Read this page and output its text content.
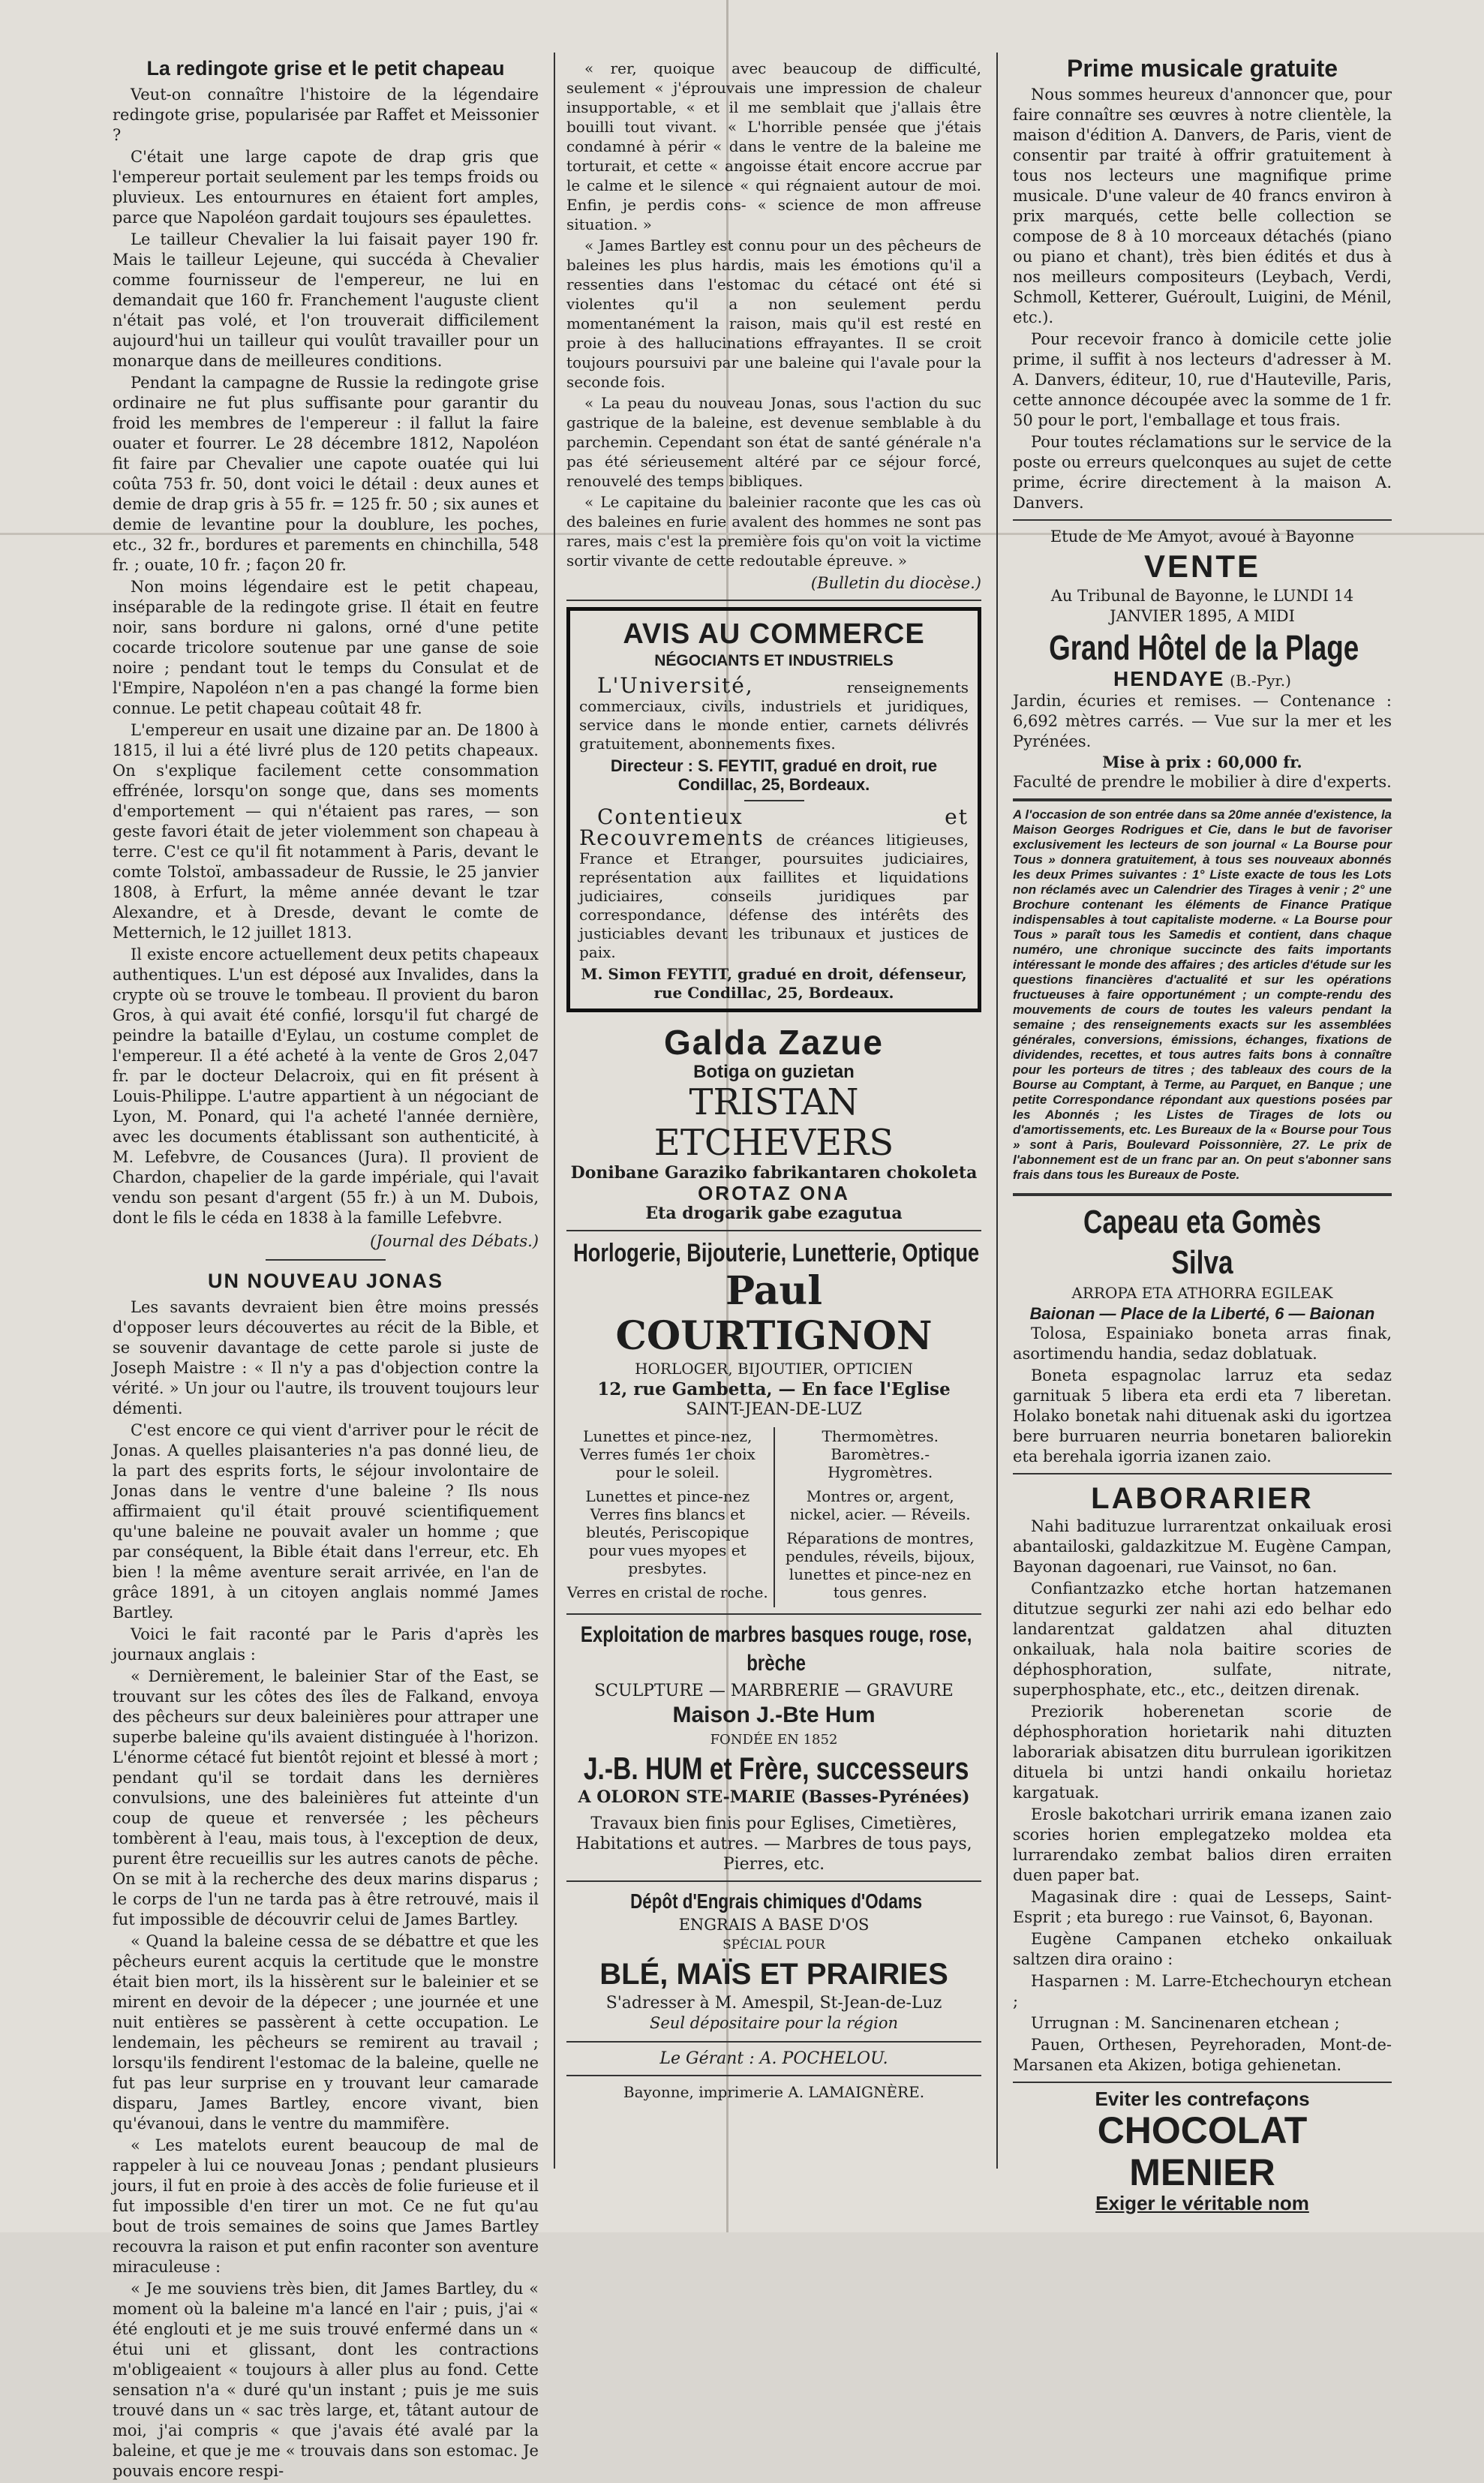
La redingote grise et le petit chapeau

Veut-on connaître l'histoire de la légendaire redingote grise, popularisée par Raffet et Meissonier ?

C'était une large capote de drap gris que l'empereur portait seulement par les temps froids ou pluvieux. Les entournures en étaient fort amples, parce que Napoléon gardait toujours ses épaulettes.

Le tailleur Chevalier la lui faisait payer 190 fr. Mais le tailleur Lejeune, qui succéda à Chevalier comme fournisseur de l'empereur, ne lui en demandait que 160 fr. Franchement l'auguste client n'était pas volé, et l'on trouverait difficilement aujourd'hui un tailleur qui voulût travailler pour un monarque dans de meilleures conditions.

Pendant la campagne de Russie la redingote grise ordinaire ne fut plus suffisante pour garantir du froid les membres de l'empereur : il fallut la faire ouater et fourrer. Le 28 décembre 1812, Napoléon fit faire par Chevalier une capote ouatée qui lui coûta 753 fr. 50, dont voici le détail : deux aunes et demie de drap gris à 55 fr. = 125 fr. 50 ; six aunes et demie de levantine pour la doublure, les poches, etc., 32 fr., bordures et parements en chinchilla, 548 fr. ; ouate, 10 fr. ; façon 20 fr.

Non moins légendaire est le petit chapeau, inséparable de la redingote grise. Il était en feutre noir, sans bordure ni galons, orné d'une petite cocarde tricolore soutenue par une ganse de soie noire ; pendant tout le temps du Consulat et de l'Empire, Napoléon n'en a pas changé la forme bien connue. Le petit chapeau coûtait 48 fr.

L'empereur en usait une dizaine par an. De 1800 à 1815, il lui a été livré plus de 120 petits chapeaux. On s'explique facilement cette consommation effrénée, lorsqu'on songe que, dans ses moments d'emportement — qui n'étaient pas rares, — son geste favori était de jeter violemment son chapeau à terre. C'est ce qu'il fit notamment à Paris, devant le comte Tolstoï, ambassadeur de Russie, le 25 janvier 1808, à Erfurt, la même année devant le tzar Alexandre, et à Dresde, devant le comte de Metternich, le 12 juillet 1813.

Il existe encore actuellement deux petits chapeaux authentiques. L'un est déposé aux Invalides, dans la crypte où se trouve le tombeau. Il provient du baron Gros, à qui avait été confié, lorsqu'il fut chargé de peindre la bataille d'Eylau, un costume complet de l'empereur. Il a été acheté à la vente de Gros 2,047 fr. par le docteur Delacroix, qui en fit présent à Louis-Philippe. L'autre appartient à un négociant de Lyon, M. Ponard, qui l'a acheté l'année dernière, avec les documents établissant son authenticité, à M. Lefebvre, de Cousances (Jura). Il provient de Chardon, chapelier de la garde impériale, qui l'avait vendu son pesant d'argent (55 fr.) à un M. Dubois, dont le fils le céda en 1838 à la famille Lefebvre.

(Journal des Débats.)
UN NOUVEAU JONAS

Les savants devraient bien être moins pressés d'opposer leurs découvertes au récit de la Bible, et se souvenir davantage de cette parole si juste de Joseph Maistre : « Il n'y a pas d'objection contre la vérité. » Un jour ou l'autre, ils trouvent toujours leur démenti.

C'est encore ce qui vient d'arriver pour le récit de Jonas. A quelles plaisanteries n'a pas donné lieu, de la part des esprits forts, le séjour involontaire de Jonas dans le ventre d'une baleine ? Ils nous affirmaient qu'il était prouvé scientifiquement qu'une baleine ne pouvait avaler un homme ; que par conséquent, la Bible était dans l'erreur, etc. Eh bien ! la même aventure serait arrivée, en l'an de grâce 1891, à un citoyen anglais nommé James Bartley.

Voici le fait raconté par le Paris d'après les journaux anglais :

« Dernièrement, le baleinier Star of the East, se trouvant sur les côtes des îles de Falkand, envoya des pêcheurs sur deux baleinières pour attraper une superbe baleine qu'ils avaient distinguée à l'horizon. L'énorme cétacé fut bientôt rejoint et blessé à mort ; pendant qu'il se tordait dans les dernières convulsions, une des baleinières fut atteinte d'un coup de queue et renversée ; les pêcheurs tombèrent à l'eau, mais tous, à l'exception de deux, purent être recueillis sur les autres canots de pêche. On se mit à la recherche des deux marins disparus ; le corps de l'un ne tarda pas à être retrouvé, mais il fut impossible de découvrir celui de James Bartley.

« Quand la baleine cessa de se débattre et que les pêcheurs eurent acquis la certitude que le monstre était bien mort, ils la hissèrent sur le baleinier et se mirent en devoir de la dépecer ; une journée et une nuit entières se passèrent à cette occupation. Le lendemain, les pêcheurs se remirent au travail ; lorsqu'ils fendirent l'estomac de la baleine, quelle ne fut pas leur surprise en y trouvant leur camarade disparu, James Bartley, encore vivant, bien qu'évanoui, dans le ventre du mammifère.

« Les matelots eurent beaucoup de mal de rappeler à lui ce nouveau Jonas ; pendant plusieurs jours, il fut en proie à des accès de folie furieuse et il fut impossible d'en tirer un mot. Ce ne fut qu'au bout de trois semaines de soins que James Bartley recouvra la raison et put enfin raconter son aventure miraculeuse :

« Je me souviens très bien, dit James Bartley, du « moment où la baleine m'a lancé en l'air ; puis, j'ai « été englouti et je me suis trouvé enfermé dans un « étui uni et glissant, dont les contractions m'obligeaient « toujours à aller plus au fond. Cette sensation n'a « duré qu'un instant ; puis je me suis trouvé dans un « sac très large, et, tâtant autour de moi, j'ai compris « que j'avais été avalé par la baleine, et que je me « trouvais dans son estomac. Je pouvais encore respi-

« rer, quoique avec beaucoup de difficulté, seulement « j'éprouvais une impression de chaleur insupportable, « et il me semblait que j'allais être bouilli tout vivant. « L'horrible pensée que j'étais condamné à périr « dans le ventre de la baleine me torturait, et cette « angoisse était encore accrue par le calme et le silence « qui régnaient autour de moi. Enfin, je perdis cons- « science de mon affreuse situation. »

« James Bartley est connu pour un des pêcheurs de baleines les plus hardis, mais les émotions qu'il a ressenties dans l'estomac du cétacé ont été si violentes qu'il a non seulement perdu momentanément la raison, mais qu'il est resté en proie à des hallucinations effrayantes. Il se croit toujours poursuivi par une baleine qui l'avale pour la seconde fois.

« La peau du nouveau Jonas, sous l'action du suc gastrique de la baleine, est devenue semblable à du parchemin. Cependant son état de santé générale n'a pas été sérieusement altéré par ce séjour forcé, renouvelé des temps bibliques.

« Le capitaine du baleinier raconte que les cas où des baleines en furie avalent des hommes ne sont pas rares, mais c'est la première fois qu'on voit la victime sortir vivante de cette redoutable épreuve. »

(Bulletin du diocèse.)
AVIS AU COMMERCE
NÉGOCIANTS ET INDUSTRIELS

L'Université,	renseignements commerciaux, civils, industriels et juridiques, service dans le monde entier, carnets délivrés gratuitement, abonnements fixes.

Directeur : S. FEYTIT, gradué en droit, rue Condillac, 25, Bordeaux.

Contentieux et Recouvrements de créances litigieuses, France et Etranger, poursuites judiciaires, représentation aux faillites et liquidations judiciaires, conseils juridiques par correspondance, défense des intérêts des justiciables devant les tribunaux et justices de paix.

M. Simon FEYTIT, gradué en droit, défenseur, rue Condillac, 25, Bordeaux.
Galda Zazue
Botiga on guzietan
TRISTAN ETCHEVERS
Donibane Garaziko fabrikantaren chokoleta
OROTAZ ONA
Eta drogarik gabe ezagutua
Horlogerie, Bijouterie, Lunetterie, Optique
Paul COURTIGNON
HORLOGER, BIJOUTIER, OPTICIEN
12, rue Gambetta, — En face l'Eglise
SAINT-JEAN-DE-LUZ

Lunettes et pince-nez, Verres fumés 1er choix pour le soleil.

Lunettes et pince-nez Verres fins blancs et bleutés, Periscopique pour vues myopes et presbytes.

Verres en cristal de roche.

Thermomètres. Baromètres.-Hygromètres.

Montres or, argent, nickel, acier. — Réveils.

Réparations de montres, pendules, réveils, bijoux, lunettes et pince-nez en tous genres.

Exploitation de marbres basques rouge, rose, brèche
SCULPTURE — MARBRERIE — GRAVURE
Maison J.-Bte Hum
FONDÉE EN 1852
J.-B. HUM et Frère, successeurs
A OLORON STE-MARIE (Basses-Pyrénées)
Travaux bien finis pour Eglises, Cimetières, Habitations et autres. — Marbres de tous pays, Pierres, etc.
Dépôt d'Engrais chimiques d'Odams
ENGRAIS A BASE D'OS
SPÉCIAL POUR
BLÉ, MAÏS ET PRAIRIES
S'adresser à M. Amespil, St-Jean-de-Luz
Seul dépositaire pour la région
Le Gérant : A. POCHELOU.
Bayonne, imprimerie A. LAMAIGNÈRE.
Prime musicale gratuite

Nous sommes heureux d'annoncer que, pour faire connaître ses œuvres à notre clientèle, la maison d'édition A. Danvers, de Paris, vient de consentir par traité à offrir gratuitement à tous nos lecteurs une magnifique prime musicale. D'une valeur de 40 francs environ à prix marqués, cette belle collection se compose de 8 à 10 morceaux détachés (piano ou piano et chant), très bien édités et dus à nos meilleurs compositeurs (Leybach, Verdi, Schmoll, Ketterer, Guéroult, Luigini, de Ménil, etc.).

Pour recevoir franco à domicile cette jolie prime, il suffit à nos lecteurs d'adresser à M. A. Danvers, éditeur, 10, rue d'Hauteville, Paris, cette annonce découpée avec la somme de 1 fr. 50 pour le port, l'emballage et tous frais.

Pour toutes réclamations sur le service de la poste ou erreurs quelconques au sujet de cette prime, écrire directement à la maison A. Danvers.

Etude de Me Amyot, avoué à Bayonne
VENTE
Au Tribunal de Bayonne, le LUNDI 14 JANVIER 1895, A MIDI
Grand Hôtel de la Plage
HENDAYE (B.-Pyr.)
Jardin, écuries et remises. — Contenance : 6,692 mètres carrés. — Vue sur la mer et les Pyrénées.
Mise à prix : 60,000 fr.
Faculté de prendre le mobilier à dire d'experts.
A l'occasion de son entrée dans sa 20me année d'existence, la Maison Georges Rodrigues et Cie, dans le but de favoriser exclusivement les lecteurs de son journal « La Bourse pour Tous » donnera gratuitement, à tous ses nouveaux abonnés les deux Primes suivantes : 1° Liste exacte de tous les Lots non réclamés avec un Calendrier des Tirages à venir ; 2° une Brochure contenant les éléments de Finance Pratique indispensables à tout capitaliste moderne. « La Bourse pour Tous » paraît tous les Samedis et contient, dans chaque numéro, une chronique succincte des faits importants intéressant le monde des affaires ; des articles d'étude sur les questions financières d'actualité et sur les opérations fructueuses à faire opportunément ; un compte-rendu des mouvements de cours de toutes les valeurs pendant la semaine ; des renseignements exacts sur les assemblées générales, conversions, émissions, échanges, fixations de dividendes, recettes, et tous autres faits bons à connaître pour les porteurs de titres ; des tableaux des cours de la Bourse au Comptant, à Terme, au Parquet, en Banque ; une petite Correspondance répondant aux questions posées par les Abonnés ; les Listes de Tirages de lots ou d'amortissements, etc. Les Bureaux de la « Bourse pour Tous » sont à Paris, Boulevard Poissonnière, 27. Le prix de l'abonnement est de un franc par an. On peut s'abonner sans frais dans tous les Bureaux de Poste.
Capeau eta Gomès Silva
ARROPA ETA ATHORRA EGILEAK
Baionan — Place de la Liberté, 6 — Baionan

Tolosa, Espainiako boneta arras finak, asortimendu handia, sedaz doblatuak.

Boneta espagnolac larruz eta sedaz garnituak 5 libera eta erdi eta 7 liberetan. Holako bonetak nahi dituenak aski du igortzea bere burruaren neurria bonetaren baliorekin eta berehala igorria izanen zaio.

LABORARIER

Nahi badituzue lurrarentzat onkailuak erosi abantailoski, galdazkitzue M. Eugène Campan, Bayonan dagoenari, rue Vainsot, no 6an.

Confiantzazko etche hortan hatzemanen ditutzue segurki zer nahi azi edo belhar edo landarentzat galdatzen ahal dituzten onkailuak, hala nola baitire scories de déphosphoration, sulfate, nitrate, superphosphate, etc., etc., deitzen direnak.

Preziorik hoberenetan scorie de déphosphoration horietarik nahi dituzten laborariak abisatzen ditu burrulean igorikitzen dituela bi untzi handi onkailu horietaz kargatuak.

Erosle bakotchari urririk emana izanen zaio scories horien emplegatzeko moldea eta lurrarendako zembat balios diren erraiten duen paper bat.

Magasinak dire : quai de Lesseps, Saint-Esprit ; eta burego : rue Vainsot, 6, Bayonan.

Eugène Campanen etcheko onkailuak saltzen dira oraino :

Hasparnen : M. Larre-Etchechouryn etchean ;

Urrugnan : M. Sancinenaren etchean ;

Pauen, Orthesen, Peyrehoraden, Mont-de-Marsanen eta Akizen, botiga gehienetan.

Eviter les contrefaçons
CHOCOLAT
MENIER
Exiger le véritable nom
